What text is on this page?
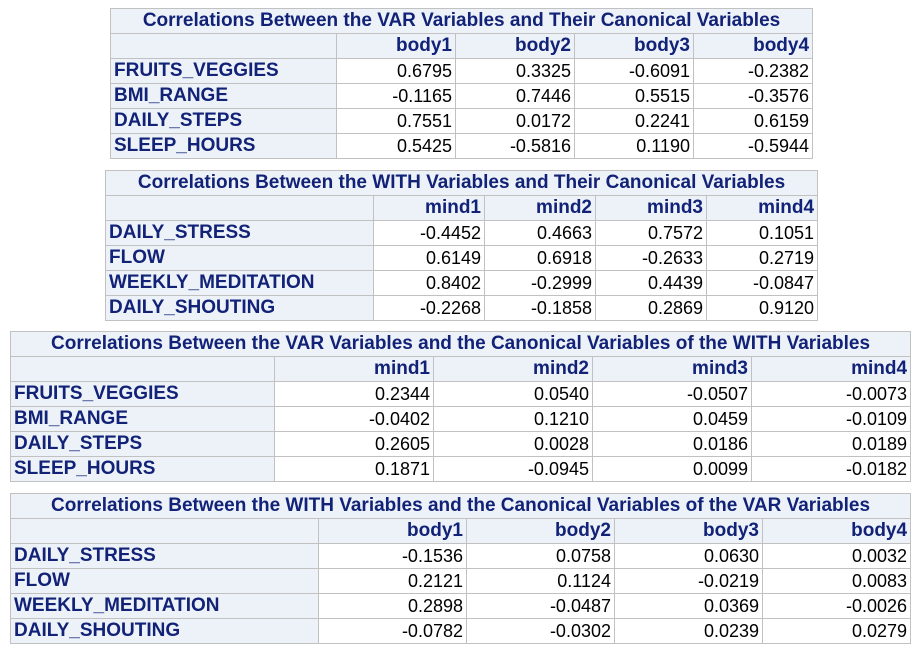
Correlations Between the VAR Variables and Their Canonical Variables				
	body1	body2	body3	body4
FRUITS_VEGGIES	0.6795	0.3325	-0.6091	-0.2382
BMI_RANGE	-0.1165	0.7446	0.5515	-0.3576
DAILY_STEPS	0.7551	0.0172	0.2241	0.6159
SLEEP_HOURS	0.5425	-0.5816	0.1190	-0.5944
Correlations Between the WITH Variables and Their Canonical Variables				
	mind1	mind2	mind3	mind4
DAILY_STRESS	-0.4452	0.4663	0.7572	0.1051
FLOW	0.6149	0.6918	-0.2633	0.2719
WEEKLY_MEDITATION	0.8402	-0.2999	0.4439	-0.0847
DAILY_SHOUTING	-0.2268	-0.1858	0.2869	0.9120
Correlations Between the VAR Variables and the Canonical Variables of the WITH Variables				
	mind1	mind2	mind3	mind4
FRUITS_VEGGIES	0.2344	0.0540	-0.0507	-0.0073
BMI_RANGE	-0.0402	0.1210	0.0459	-0.0109
DAILY_STEPS	0.2605	0.0028	0.0186	0.0189
SLEEP_HOURS	0.1871	-0.0945	0.0099	-0.0182
Correlations Between the WITH Variables and the Canonical Variables of the VAR Variables				
	body1	body2	body3	body4
DAILY_STRESS	-0.1536	0.0758	0.0630	0.0032
FLOW	0.2121	0.1124	-0.0219	0.0083
WEEKLY_MEDITATION	0.2898	-0.0487	0.0369	-0.0026
DAILY_SHOUTING	-0.0782	-0.0302	0.0239	0.0279
